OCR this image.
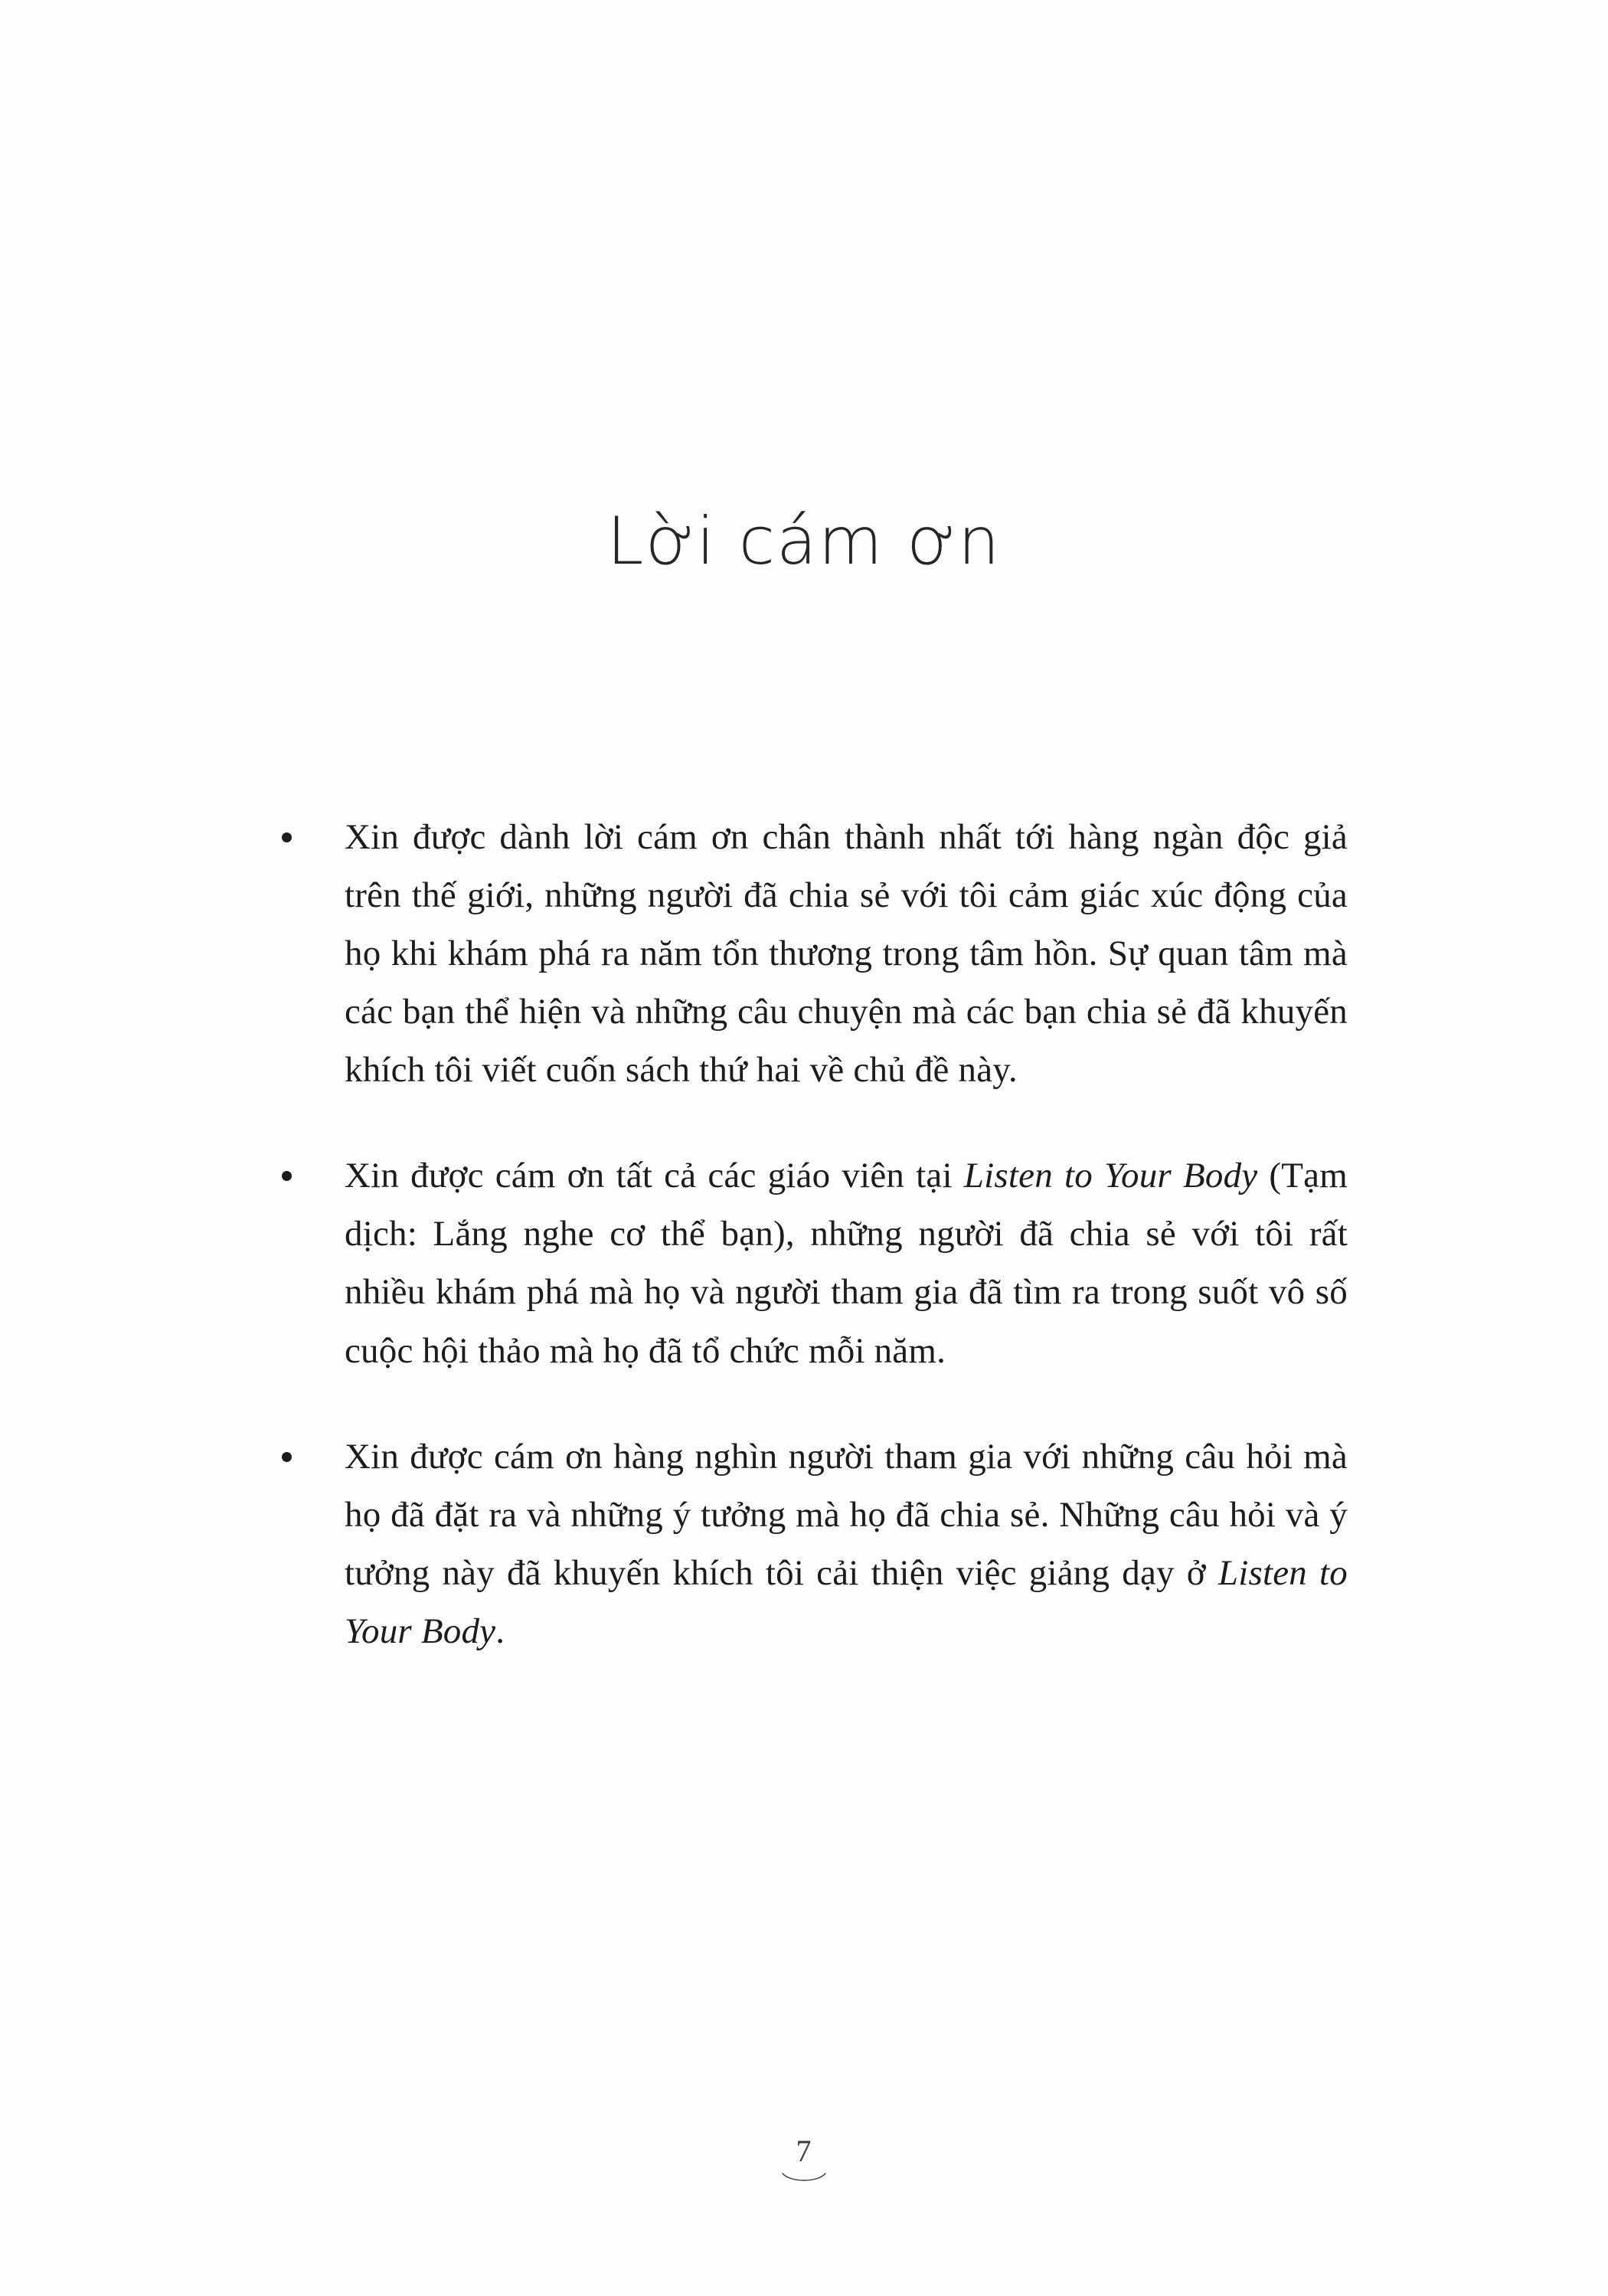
Lời cám ơn
Xin được dành lời cám ơn chân thành nhất tới hàng ngàn độc giả trên thế giới, những người đã chia sẻ với tôi cảm giác xúc động của họ khi khám phá ra năm tổn thương trong tâm hồn. Sự quan tâm mà các bạn thể hiện và những câu chuyện mà các bạn chia sẻ đã khuyến khích tôi viết cuốn sách thứ hai về chủ đề này.
Xin được cám ơn tất cả các giáo viên tại Listen to Your Body (Tạm dịch: Lắng nghe cơ thể bạn), những người đã chia sẻ với tôi rất nhiều khám phá mà họ và người tham gia đã tìm ra trong suốt vô số cuộc hội thảo mà họ đã tổ chức mỗi năm.
Xin được cám ơn hàng nghìn người tham gia với những câu hỏi mà họ đã đặt ra và những ý tưởng mà họ đã chia sẻ. Những câu hỏi và ý tưởng này đã khuyến khích tôi cải thiện việc giảng dạy ở Listen to Your Body.
7
